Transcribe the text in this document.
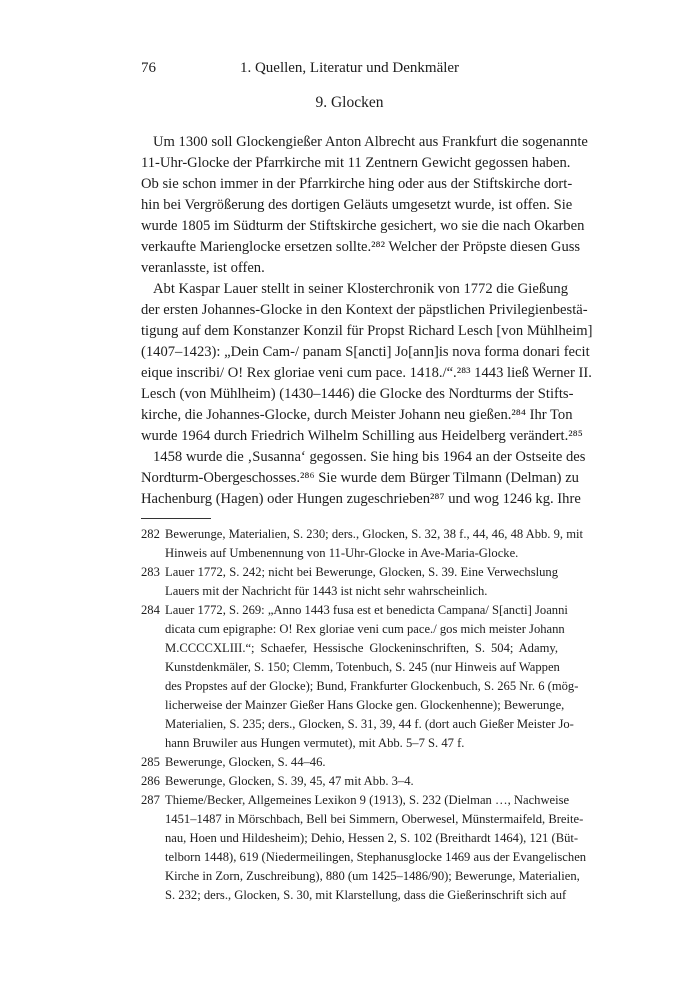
76	1. Quellen, Literatur und Denkmäler
9. Glocken
Um 1300 soll Glockengießer Anton Albrecht aus Frankfurt die sogenannte
11-Uhr-Glocke der Pfarrkirche mit 11 Zentnern Gewicht gegossen haben.
Ob sie schon immer in der Pfarrkirche hing oder aus der Stiftskirche dort-
hin bei Vergrößerung des dortigen Geläuts umgesetzt wurde, ist offen. Sie
wurde 1805 im Südturm der Stiftskirche gesichert, wo sie die nach Okarben
verkaufte Marienglocke ersetzen sollte.²⁸² Welcher der Pröpste diesen Guss
veranlasste, ist offen.
Abt Kaspar Lauer stellt in seiner Klosterchronik von 1772 die Gießung
der ersten Johannes-Glocke in den Kontext der päpstlichen Privilegienbestä-
tigung auf dem Konstanzer Konzil für Propst Richard Lesch [von Mühlheim]
(1407–1423): „Dein Cam-/ panam S[ancti] Jo[ann]is nova forma donari fecit
eique inscribi/ O! Rex gloriae veni cum pace. 1418./“.²⁸³ 1443 ließ Werner II.
Lesch (von Mühlheim) (1430–1446) die Glocke des Nordturms der Stifts-
kirche, die Johannes-Glocke, durch Meister Johann neu gießen.²⁸⁴ Ihr Ton
wurde 1964 durch Friedrich Wilhelm Schilling aus Heidelberg verändert.²⁸⁵
1458 wurde die ‚Susanna‘ gegossen. Sie hing bis 1964 an der Ostseite des
Nordturm-Obergeschosses.²⁸⁶ Sie wurde dem Bürger Tilmann (Delman) zu
Hachenburg (Hagen) oder Hungen zugeschrieben²⁸⁷ und wog 1246 kg. Ihre
282 Bewerunge, Materialien, S. 230; ders., Glocken, S. 32, 38 f., 44, 46, 48 Abb. 9, mit
Hinweis auf Umbenennung von 11-Uhr-Glocke in Ave-Maria-Glocke.
283 Lauer 1772, S. 242; nicht bei Bewerunge, Glocken, S. 39. Eine Verwechslung
Lauers mit der Nachricht für 1443 ist nicht sehr wahrscheinlich.
284 Lauer 1772, S. 269: „Anno 1443 fusa est et benedicta Campana/ S[ancti] Joanni
dicata cum epigraphe: O! Rex gloriae veni cum pace./ gos mich meister Johann
M.CCCCXLIII.“; Schaefer, Hessische Glockeninschriften, S. 504; Adamy,
Kunstdenkmäler, S. 150; Clemm, Totenbuch, S. 245 (nur Hinweis auf Wappen
des Propstes auf der Glocke); Bund, Frankfurter Glockenbuch, S. 265 Nr. 6 (mög-
licherweise der Mainzer Gießer Hans Glocke gen. Glockenhenne); Bewerunge,
Materialien, S. 235; ders., Glocken, S. 31, 39, 44 f. (dort auch Gießer Meister Jo-
hann Bruwiler aus Hungen vermutet), mit Abb. 5–7 S. 47 f.
285 Bewerunge, Glocken, S. 44–46.
286 Bewerunge, Glocken, S. 39, 45, 47 mit Abb. 3–4.
287 Thieme/Becker, Allgemeines Lexikon 9 (1913), S. 232 (Dielman …, Nachweise
1451–1487 in Mörschbach, Bell bei Simmern, Oberwesel, Münstermaifeld, Breite-
nau, Hoen und Hildesheim); Dehio, Hessen 2, S. 102 (Breithardt 1464), 121 (Büt-
telborn 1448), 619 (Niedermeilingen, Stephanusglocke 1469 aus der Evangelischen
Kirche in Zorn, Zuschreibung), 880 (um 1425–1486/90); Bewerunge, Materialien,
S. 232; ders., Glocken, S. 30, mit Klarstellung, dass die Gießerinschrift sich auf
